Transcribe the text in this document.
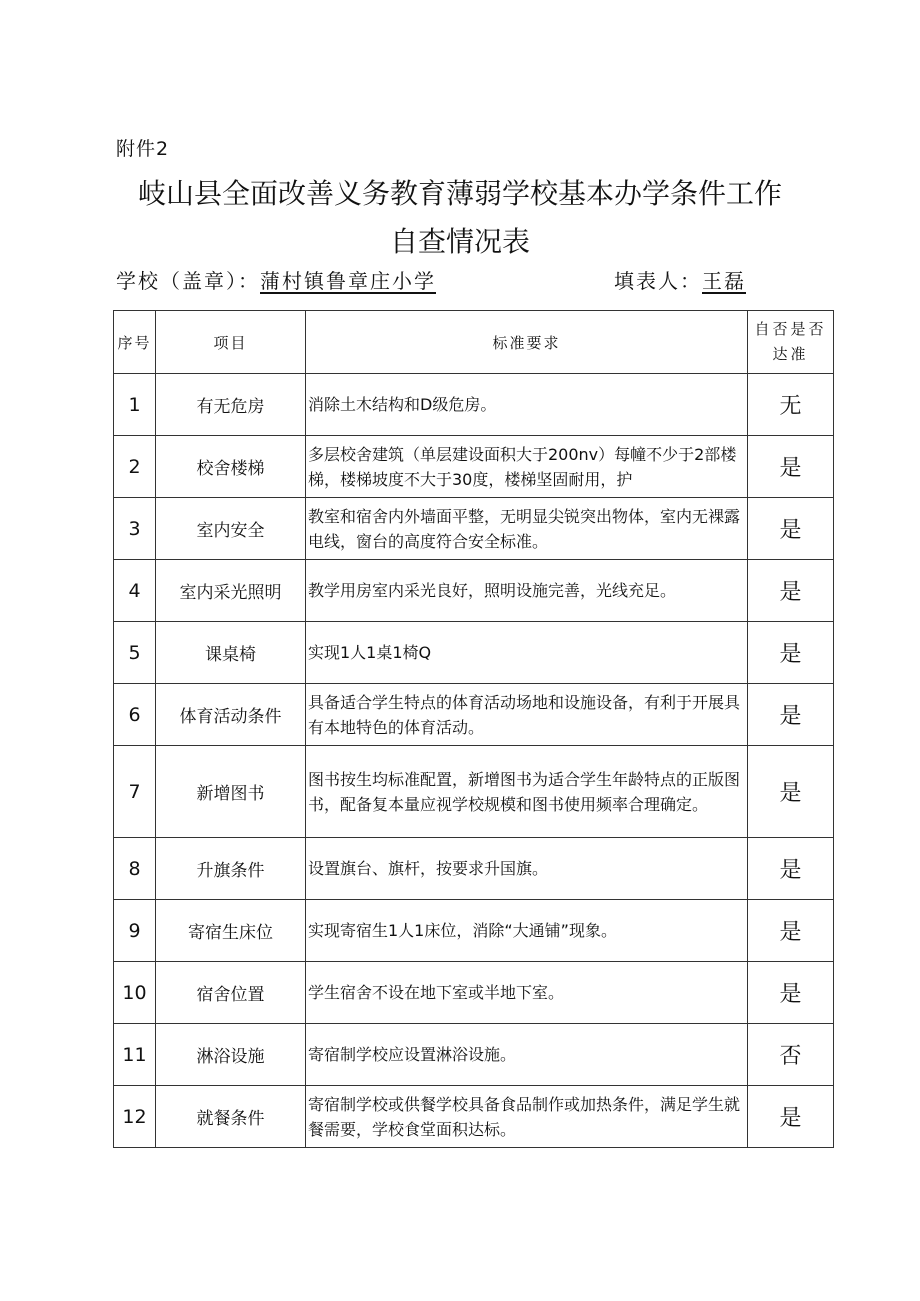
附件2
岐山县全面改善义务教育薄弱学校基本办学条件工作
自查情况表
学校（盖章）：蒲村镇鲁章庄小学	填表人：王磊
序号	项目	标准要求	自否是否达准
1	有无危房	消除土木结构和D级危房。	无
2	校舍楼梯	多层校舍建筑（单层建设面积大于200nv）每幢不少于2部楼梯，楼梯坡度不大于30度，楼梯坚固耐用，护	是
3	室内安全	教室和宿舍内外墙面平整，无明显尖锐突出物体，室内无裸露电线，窗台的高度符合安全标准。	是
4	室内采光照明	教学用房室内采光良好，照明设施完善，光线充足。	是
5	课桌椅	实现1人1桌1椅Q	是
6	体育活动条件	具备适合学生特点的体育活动场地和设施设备，有利于开展具有本地特色的体育活动。	是
7	新增图书	图书按生均标准配置，新增图书为适合学生年龄特点的正版图书，配备复本量应视学校规模和图书使用频率合理确定。	是
8	升旗条件	设置旗台、旗杆，按要求升国旗。	是
9	寄宿生床位	实现寄宿生1人1床位，消除“大通铺”现象。	是
10	宿舍位置	学生宿舍不设在地下室或半地下室。	是
11	淋浴设施	寄宿制学校应设置淋浴设施。	否
12	就餐条件	寄宿制学校或供餐学校具备食品制作或加热条件，满足学生就餐需要，学校食堂面积达标。	是
